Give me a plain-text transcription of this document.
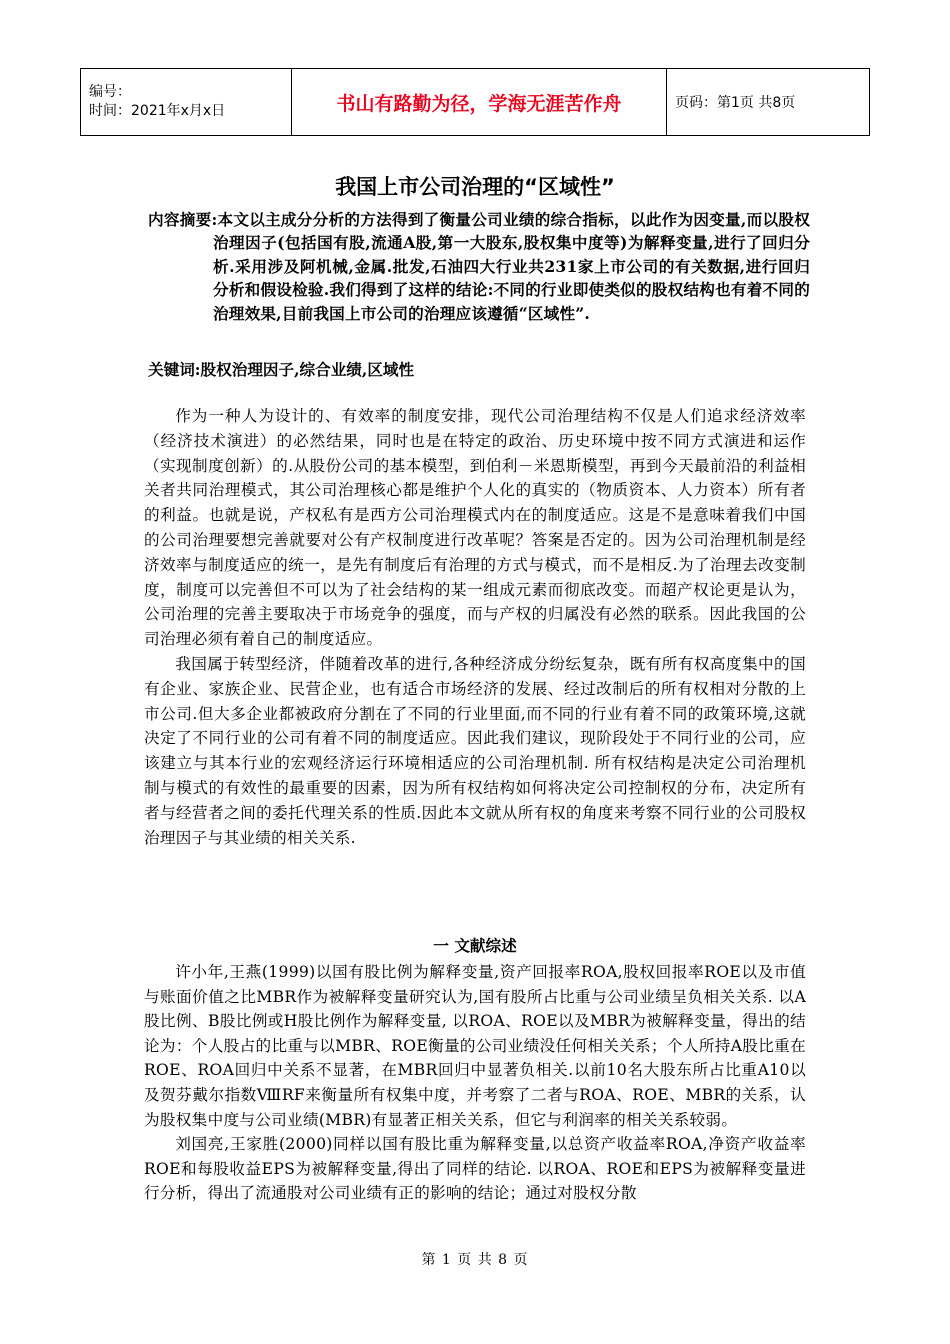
编号：
时间：2021年x月x日	书山有路勤为径，学海无涯苦作舟	页码：第1页 共8页
我国上市公司治理的“区域性”
内容摘要:本文以主成分分析的方法得到了衡量公司业绩的综合指标，以此作为因变量,而以股权治理因子(包括国有股,流通A股,第一大股东,股权集中度等)为解释变量,进行了回归分析.采用涉及阿机械,金属.批发,石油四大行业共231家上市公司的有关数据,进行回归分析和假设检验.我们得到了这样的结论:不同的行业即使类似的股权结构也有着不同的治理效果,目前我国上市公司的治理应该遵循“区域性”.
关键词:股权治理因子,综合业绩,区域性

作为一种人为设计的、有效率的制度安排，现代公司治理结构不仅是人们追求经济效率（经济技术演进）的必然结果，同时也是在特定的政治、历史环境中按不同方式演进和运作（实现制度创新）的.从股份公司的基本模型，到伯利－米恩斯模型，再到今天最前沿的利益相关者共同治理模式，其公司治理核心都是维护个人化的真实的（物质资本、人力资本）所有者的利益。也就是说，产权私有是西方公司治理模式内在的制度适应。这是不是意味着我们中国的公司治理要想完善就要对公有产权制度进行改革呢？答案是否定的。因为公司治理机制是经济效率与制度适应的统一，是先有制度后有治理的方式与模式，而不是相反.为了治理去改变制度，制度可以完善但不可以为了社会结构的某一组成元素而彻底改变。而超产权论更是认为，公司治理的完善主要取决于市场竞争的强度，而与产权的归属没有必然的联系。因此我国的公司治理必须有着自己的制度适应。

我国属于转型经济，伴随着改革的进行,各种经济成分纷纭复杂，既有所有权高度集中的国有企业、家族企业、民营企业，也有适合市场经济的发展、经过改制后的所有权相对分散的上市公司.但大多企业都被政府分割在了不同的行业里面,而不同的行业有着不同的政策环境,这就决定了不同行业的公司有着不同的制度适应。因此我们建议，现阶段处于不同行业的公司，应该建立与其本行业的宏观经济运行环境相适应的公司治理机制. 所有权结构是决定公司治理机制与模式的有效性的最重要的因素，因为所有权结构如何将决定公司控制权的分布，决定所有者与经营者之间的委托代理关系的性质.因此本文就从所有权的角度来考察不同行业的公司股权治理因子与其业绩的相关关系.

一 文献综述

许小年,王燕(1999)以国有股比例为解释变量,资产回报率ROA,股权回报率ROE以及市值与账面价值之比MBR作为被解释变量研究认为,国有股所占比重与公司业绩呈负相关关系. 以A股比例、B股比例或H股比例作为解释变量, 以ROA、ROE以及MBR为被解释变量，得出的结论为：个人股占的比重与以MBR、ROE衡量的公司业绩没任何相关关系；个人所持A股比重在ROE、ROA回归中关系不显著，在MBR回归中显著负相关.以前10名大股东所占比重A10以及贺芬戴尔指数ⅧRF来衡量所有权集中度，并考察了二者与ROA、ROE、MBR的关系，认为股权集中度与公司业绩(MBR)有显著正相关关系，但它与利润率的相关关系较弱。

刘国亮,王家胜(2000)同样以国有股比重为解释变量,以总资产收益率ROA,净资产收益率ROE和每股收益EPS为被解释变量,得出了同样的结论. 以ROA、ROE和EPS为被解释变量进行分析，得出了流通股对公司业绩有正的影响的结论；通过对股权分散

第 1 页 共 8 页
